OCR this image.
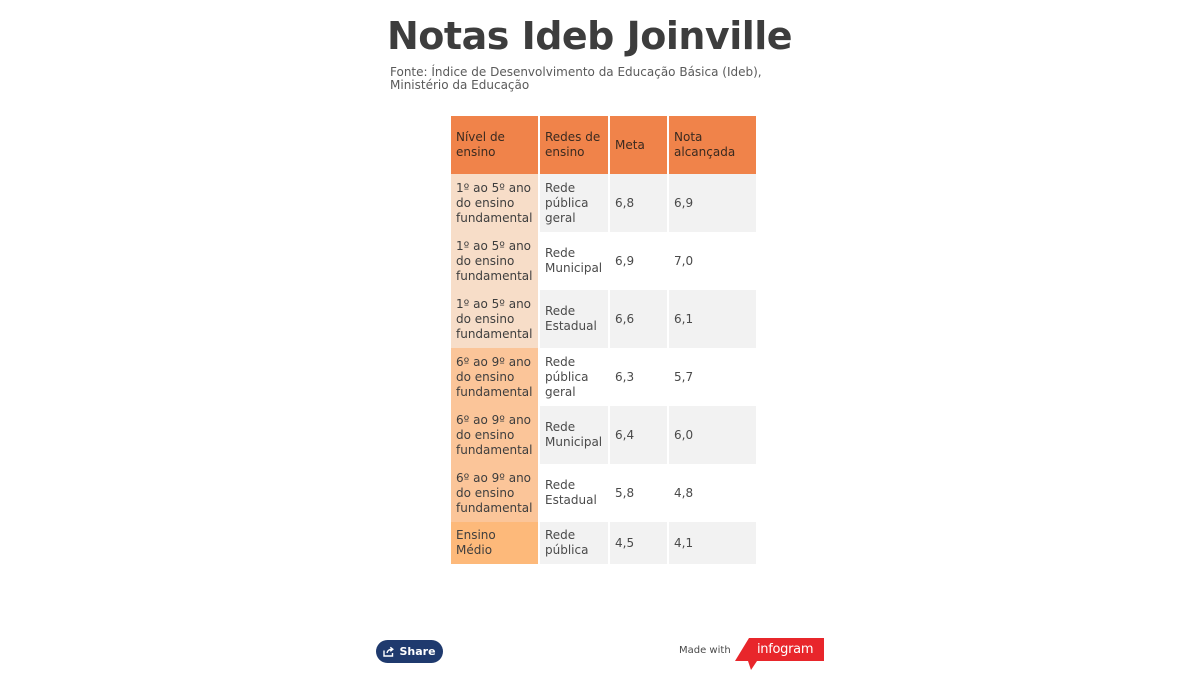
Notas Ideb Joinville
Fonte: Índice de Desenvolvimento da Educação Básica (Ideb), Ministério da Educação
Nível de ensino	Redes de ensino	Meta	Nota alcançada
1º ao 5º ano do ensino fundamental	Rede pública geral	6,8	6,9
1º ao 5º ano do ensino fundamental	Rede Municipal	6,9	7,0
1º ao 5º ano do ensino fundamental	Rede Estadual	6,6	6,1
6º ao 9º ano do ensino fundamental	Rede pública geral	6,3	5,7
6º ao 9º ano do ensino fundamental	Rede Municipal	6,4	6,0
6º ao 9º ano do ensino fundamental	Rede Estadual	5,8	4,8
Ensino Médio	Rede pública	4,5	4,1
Share	Made with infogram
